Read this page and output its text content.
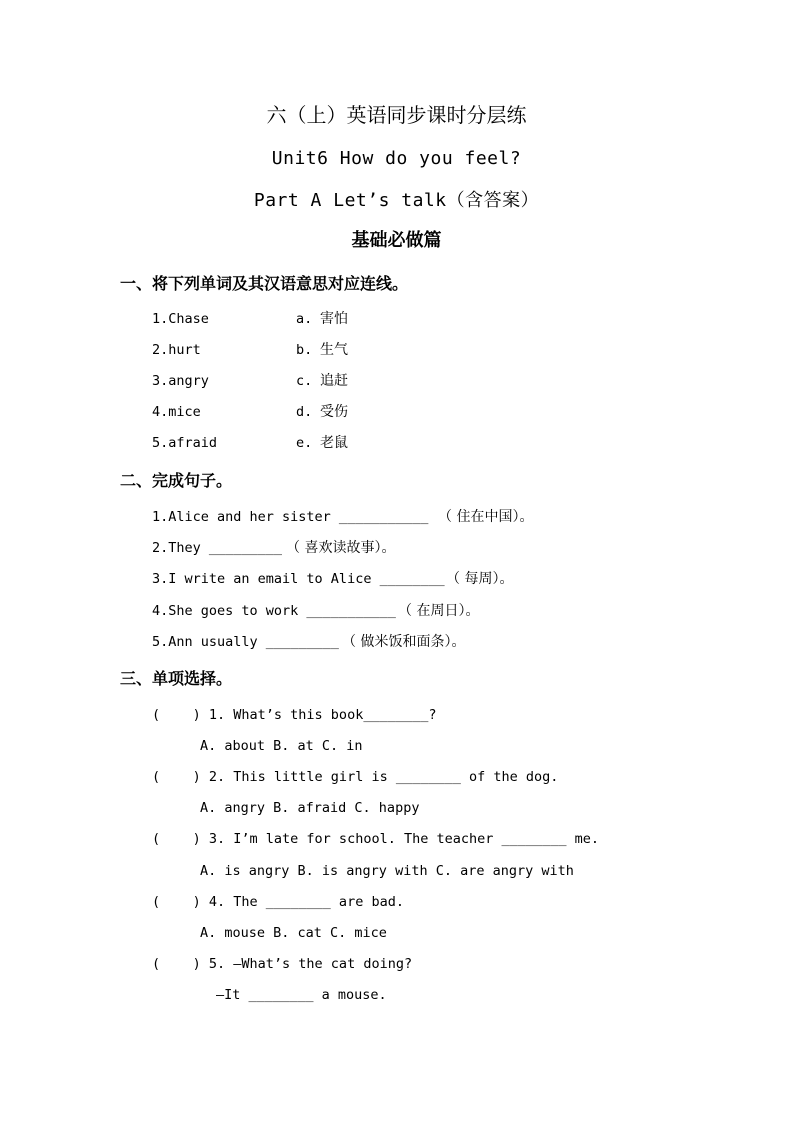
六（上）英语同步课时分层练
Unit6 How do you feel?
Part A Let’s talk（含答案）
基础必做篇
一、将下列单词及其汉语意思对应连线。
1.Chase	a. 害怕
2.hurt	b. 生气
3.angry	c. 追赶
4.mice	d. 受伤
5.afraid	e. 老鼠
二、完成句子。
1.Alice and her sister ___________ （ 住在中国）。
2.They _________ （ 喜欢读故事）。
3.I write an email to Alice ________ （ 每周）。
4.She goes to work ___________ （ 在周日）。
5.Ann usually _________ （ 做米饭和面条）。
三、单项选择。
(    ) 1. What’s this book________?
A. about B. at C. in
(    ) 2. This little girl is ________ of the dog.
A. angry B. afraid C. happy
(    ) 3. I’m late for school. The teacher ________ me.
A. is angry B. is angry with C. are angry with
(    ) 4. The ________ are bad.
A. mouse B. cat C. mice
(    ) 5. —What’s the cat doing?
—It ________ a mouse.
